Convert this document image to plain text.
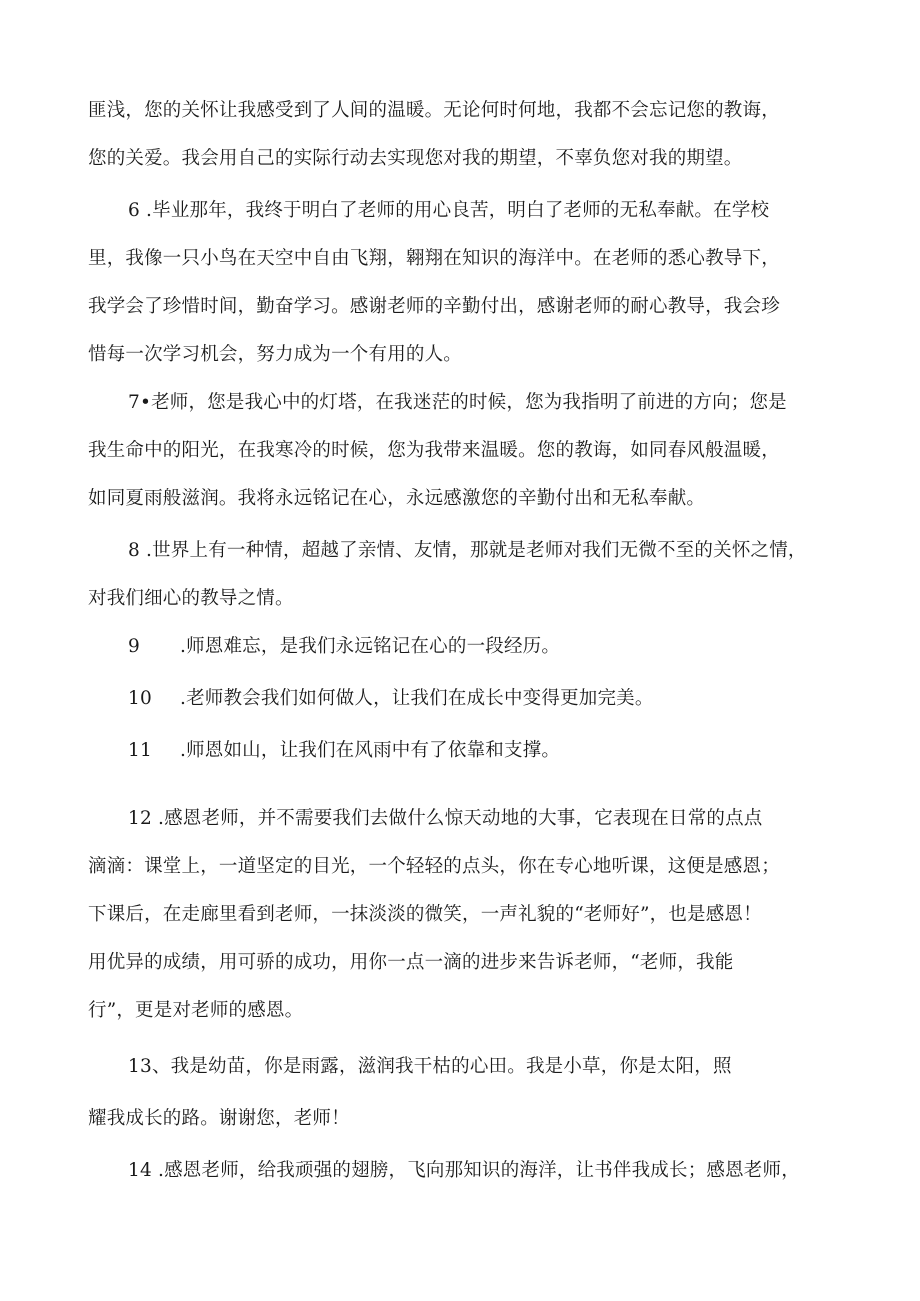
匪浅，您的关怀让我感受到了人间的温暖。无论何时何地，我都不会忘记您的教诲，
您的关爱。我会用自己的实际行动去实现您对我的期望，不辜负您对我的期望。
6 .毕业那年，我终于明白了老师的用心良苦，明白了老师的无私奉献。在学校
里，我像一只小鸟在天空中自由飞翔，翱翔在知识的海洋中。在老师的悉心教导下，
我学会了珍惜时间，勤奋学习。感谢老师的辛勤付出，感谢老师的耐心教导，我会珍
惜每一次学习机会，努力成为一个有用的人。
7•老师，您是我心中的灯塔，在我迷茫的时候，您为我指明了前进的方向；您是
我生命中的阳光，在我寒冷的时候，您为我带来温暖。您的教诲，如同春风般温暖，
如同夏雨般滋润。我将永远铭记在心，永远感激您的辛勤付出和无私奉献。
8 .世界上有一种情，超越了亲情、友情，那就是老师对我们无微不至的关怀之情，
对我们细心的教导之情。
9 .师恩难忘，是我们永远铭记在心的一段经历。
10 .老师教会我们如何做人，让我们在成长中变得更加完美。
11 .师恩如山，让我们在风雨中有了依靠和支撑。
12 .感恩老师，并不需要我们去做什么惊天动地的大事，它表现在日常的点点
滴滴：课堂上，一道坚定的目光，一个轻轻的点头，你在专心地听课，这便是感恩；
下课后，在走廊里看到老师，一抹淡淡的微笑，一声礼貌的“老师好”，也是感恩！
用优异的成绩，用可骄的成功，用你一点一滴的进步来告诉老师，“老师，我能
行”，更是对老师的感恩。
13、我是幼苗，你是雨露，滋润我干枯的心田。我是小草，你是太阳，照
耀我成长的路。谢谢您，老师！
14 .感恩老师，给我顽强的翅膀，飞向那知识的海洋，让书伴我成长；感恩老师，
